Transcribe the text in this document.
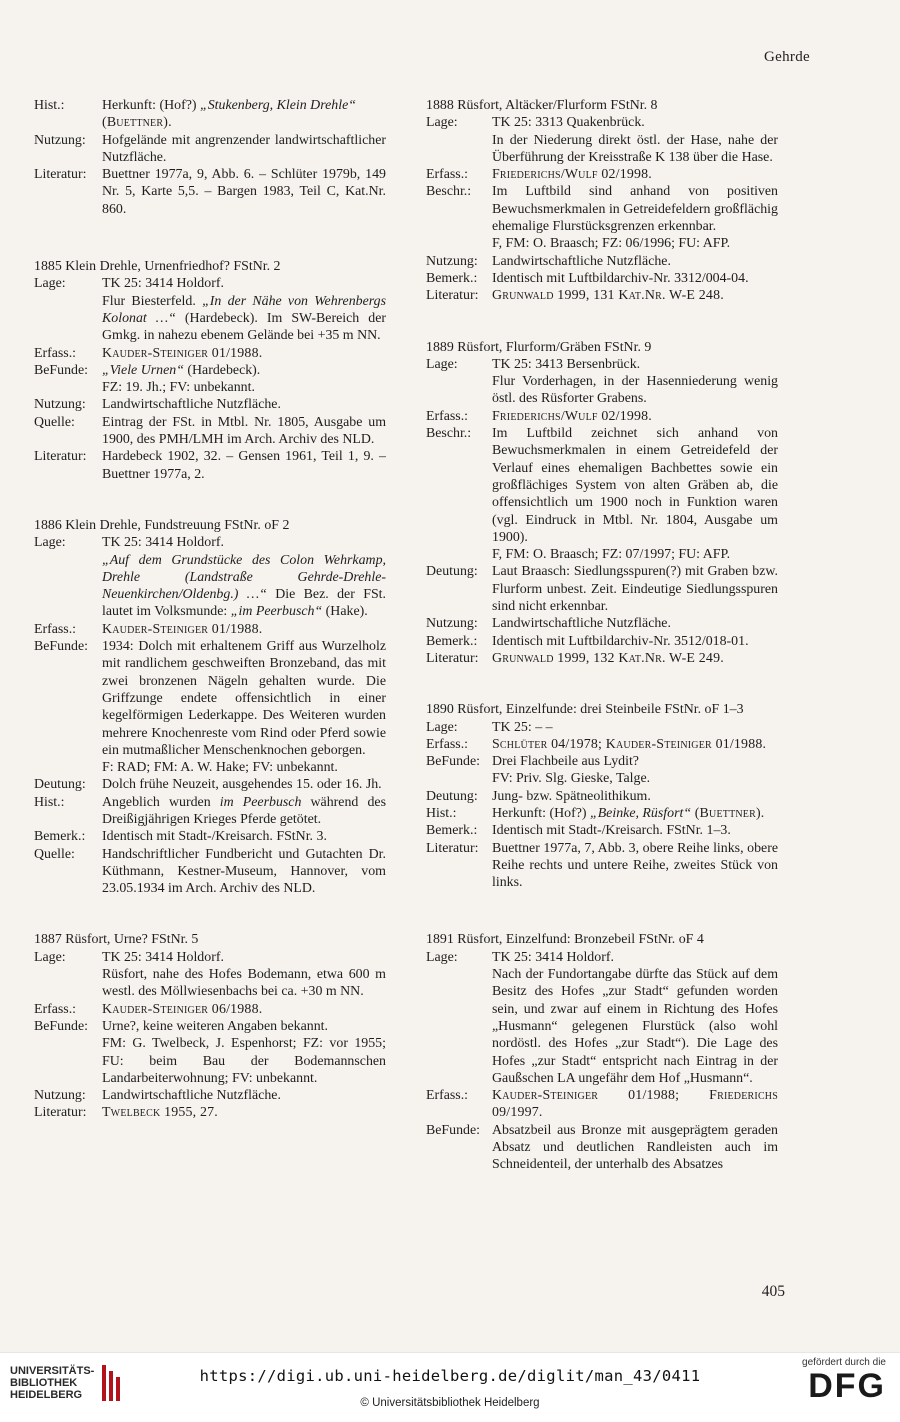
Gehrde
Hist.:	Herkunft: (Hof?) „Stukenberg, Klein Drehle“
(Buettner).
Nutzung:	Hofgelände mit angrenzender landwirtschaftlicher Nutzfläche.
Literatur:	Buettner 1977a, 9, Abb. 6. – Schlüter 1979b, 149 Nr. 5, Karte 5,5. – Bargen 1983, Teil C, Kat.Nr. 860.
1885 Klein Drehle, Urnenfriedhof? FStNr. 2
Lage:	TK 25: 3414 Holdorf.
Flur Biesterfeld. „In der Nähe von Wehrenbergs Kolonat …“ (Hardebeck). Im SW-Bereich der Gmkg. in nahezu ebenem Gelände bei +35 m NN.
Erfass.:	Kauder-Steiniger 01/1988.
BeFunde:	„Viele Urnen“ (Hardebeck).
FZ: 19. Jh.; FV: unbekannt.
Nutzung:	Landwirtschaftliche Nutzfläche.
Quelle:	Eintrag der FSt. in Mtbl. Nr. 1805, Ausgabe um 1900, des PMH/LMH im Arch. Archiv des NLD.
Literatur:	Hardebeck 1902, 32. – Gensen 1961, Teil 1, 9. – Buettner 1977a, 2.
1886 Klein Drehle, Fundstreuung FStNr. oF 2
Lage:	TK 25: 3414 Holdorf.
„Auf dem Grundstücke des Colon Wehrkamp, Drehle (Landstraße Gehrde-Drehle-Neuenkirchen/Oldenbg.) …“ Die Bez. der FSt. lautet im Volksmunde: „im Peerbusch“ (Hake).
Erfass.:	Kauder-Steiniger 01/1988.
BeFunde:	1934: Dolch mit erhaltenem Griff aus Wurzelholz mit randlichem geschweiften Bronzeband, das mit zwei bronzenen Nägeln gehalten wurde. Die Griffzunge endete offensichtlich in einer kegelförmigen Lederkappe. Des Weiteren wurden mehrere Knochenreste vom Rind oder Pferd sowie ein mutmaßlicher Menschenknochen geborgen.
F: RAD; FM: A. W. Hake; FV: unbekannt.
Deutung:	Dolch frühe Neuzeit, ausgehendes 15. oder 16. Jh.
Hist.:	Angeblich wurden im Peerbusch während des Dreißigjährigen Krieges Pferde getötet.
Bemerk.:	Identisch mit Stadt-/Kreisarch. FStNr. 3.
Quelle:	Handschriftlicher Fundbericht und Gutachten Dr. Küthmann, Kestner-Museum, Hannover, vom 23.05.1934 im Arch. Archiv des NLD.
1887 Rüsfort, Urne? FStNr. 5
Lage:	TK 25: 3414 Holdorf.
Rüsfort, nahe des Hofes Bodemann, etwa 600 m westl. des Möllwiesenbachs bei ca. +30 m NN.
Erfass.:	Kauder-Steiniger 06/1988.
BeFunde:	Urne?, keine weiteren Angaben bekannt.
FM: G. Twelbeck, J. Espenhorst; FZ: vor 1955; FU: beim Bau der Bodemannschen Landarbeiterwohnung; FV: unbekannt.
Nutzung:	Landwirtschaftliche Nutzfläche.
Literatur:	Twelbeck 1955, 27.
1888 Rüsfort, Altäcker/Flurform FStNr. 8
Lage:	TK 25: 3313 Quakenbrück.
In der Niederung direkt östl. der Hase, nahe der Überführung der Kreisstraße K 138 über die Hase.
Erfass.:	Friederichs/Wulf 02/1998.
Beschr.:	Im Luftbild sind anhand von positiven Bewuchsmerkmalen in Getreidefeldern großflächig ehemalige Flurstücksgrenzen erkennbar.
F, FM: O. Braasch; FZ: 06/1996; FU: AFP.
Nutzung:	Landwirtschaftliche Nutzfläche.
Bemerk.:	Identisch mit Luftbildarchiv-Nr. 3312/004-04.
Literatur: Grunwald 1999, 131 Kat.Nr. W-E 248.
1889 Rüsfort, Flurform/Gräben FStNr. 9
Lage:	TK 25: 3413 Bersenbrück.
Flur Vorderhagen, in der Hasenniederung wenig östl. des Rüsforter Grabens.
Erfass.:	Friederichs/Wulf 02/1998.
Beschr.:	Im Luftbild zeichnet sich anhand von Bewuchsmerkmalen in einem Getreidefeld der Verlauf eines ehemaligen Bachbettes sowie ein großflächiges System von alten Gräben ab, die offensichtlich um 1900 noch in Funktion waren (vgl. Eindruck in Mtbl. Nr. 1804, Ausgabe um 1900).
F, FM: O. Braasch; FZ: 07/1997; FU: AFP.
Deutung:	Laut Braasch: Siedlungsspuren(?) mit Graben bzw. Flurform unbest. Zeit. Eindeutige Siedlungsspuren sind nicht erkennbar.
Nutzung:	Landwirtschaftliche Nutzfläche.
Bemerk.:	Identisch mit Luftbildarchiv-Nr. 3512/018-01.
Literatur: Grunwald 1999, 132 Kat.Nr. W-E 249.
1890 Rüsfort, Einzelfunde: drei Steinbeile FStNr. oF 1–3
Lage:	TK 25: – –
Erfass.:	Schlüter 04/1978; Kauder-Steiniger 01/1988.
BeFunde: Drei Flachbeile aus Lydit?
FV: Priv. Slg. Gieske, Talge.
Deutung:	Jung- bzw. Spätneolithikum.
Hist.:	Herkunft: (Hof?) „Beinke, Rüsfort“ (Buettner).
Bemerk.:	Identisch mit Stadt-/Kreisarch. FStNr. 1–3.
Literatur: Buettner 1977a, 7, Abb. 3, obere Reihe links, obere Reihe rechts und untere Reihe, zweites Stück von links.
1891 Rüsfort, Einzelfund: Bronzebeil FStNr. oF 4
Lage:	TK 25: 3414 Holdorf.
Nach der Fundortangabe dürfte das Stück auf dem Besitz des Hofes „zur Stadt“ gefunden worden sein, und zwar auf einem in Richtung des Hofes „Husmann“ gelegenen Flurstück (also wohl nordöstl. des Hofes „zur Stadt“). Die Lage des Hofes „zur Stadt“ entspricht nach Eintrag in der Gaußschen LA ungefähr dem Hof „Husmann“.
Erfass.:	Kauder-Steiniger 01/1988; Friederichs 09/1997.
BeFunde: Absatzbeil aus Bronze mit ausgeprägtem geraden Absatz und deutlichen Randleisten auch im Schneidenteil, der unterhalb des Absatzes
405
UNIVERSITÄTS-
BIBLIOTHEK
HEIDELBERG
https://digi.ub.uni-heidelberg.de/diglit/man_43/0411
© Universitätsbibliothek Heidelberg
gefördert durch die
DFG
